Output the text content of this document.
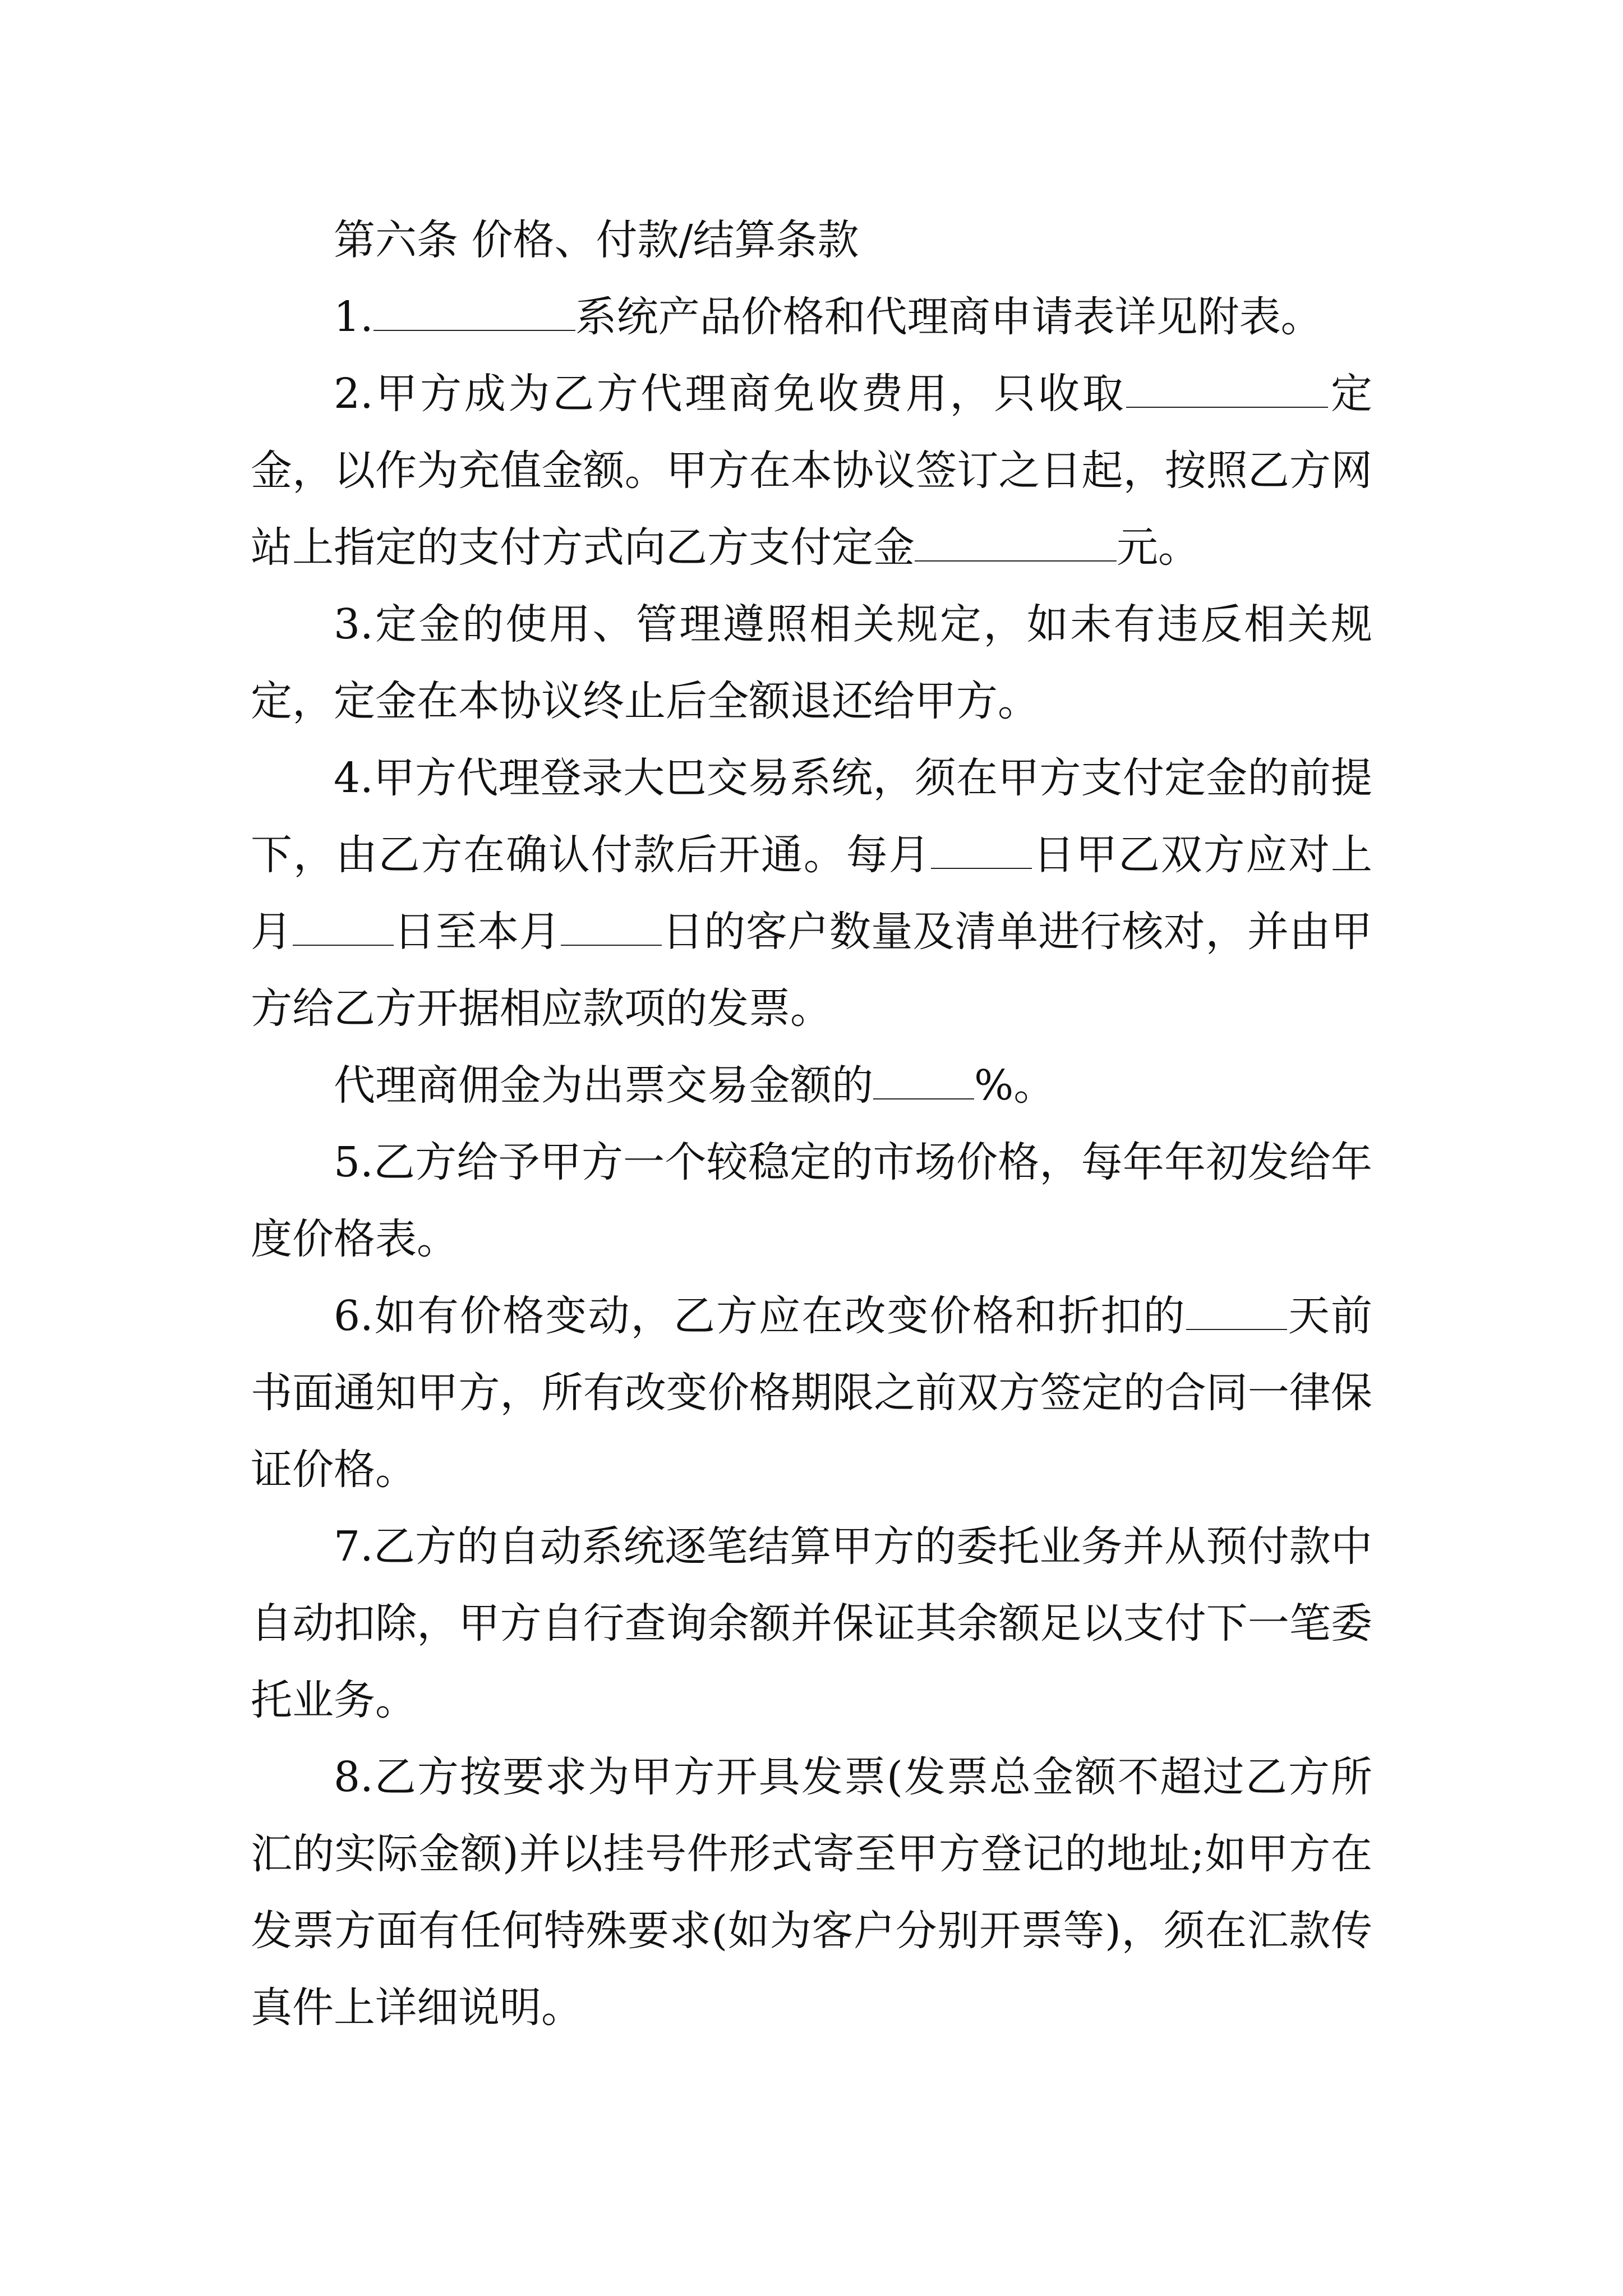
第六条 价格、付款/结算条款

1.	系统产品价格和代理商申请表详见附表。

2.甲方成为乙方代理商免收费用，只收取	定金，以作为充值金额。甲方在本协议签订之日起，按照乙方网站上指定的支付方式向乙方支付定金	元。

3.定金的使用、管理遵照相关规定，如未有违反相关规定，定金在本协议终止后全额退还给甲方。

4.甲方代理登录大巴交易系统，须在甲方支付定金的前提下，由乙方在确认付款后开通。每月 日甲乙双方应对上月 日至本月 日的客户数量及清单进行核对，并由甲方给乙方开据相应款项的发票。

代理商佣金为出票交易金额的 %。

5.乙方给予甲方一个较稳定的市场价格，每年年初发给年度价格表。

6.如有价格变动，乙方应在改变价格和折扣的 天前书面通知甲方，所有改变价格期限之前双方签定的合同一律保证价格。

7.乙方的自动系统逐笔结算甲方的委托业务并从预付款中自动扣除，甲方自行查询余额并保证其余额足以支付下一笔委托业务。

8.乙方按要求为甲方开具发票(发票总金额不超过乙方所汇的实际金额)并以挂号件形式寄至甲方登记的地址;如甲方在发票方面有任何特殊要求(如为客户分别开票等)，须在汇款传真件上详细说明。
